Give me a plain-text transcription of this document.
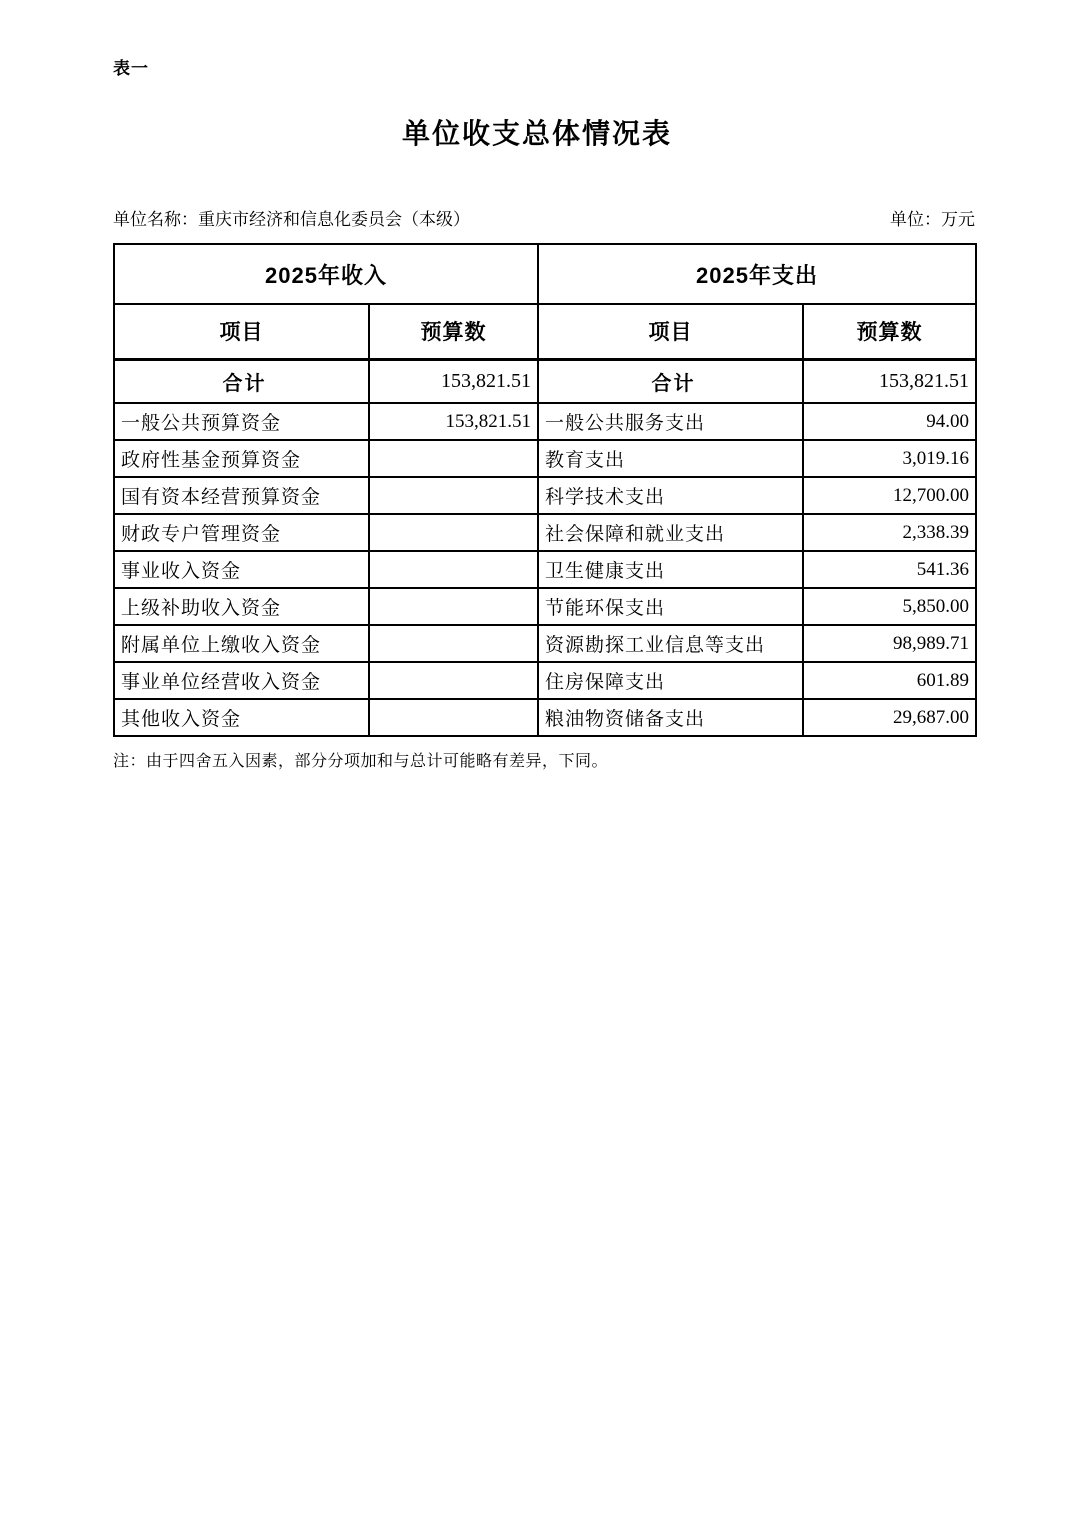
表一
单位收支总体情况表
单位名称：重庆市经济和信息化委员会（本级）	单位：万元
2025年收入		2025年支出	
项目	预算数	项目	预算数
合计	153,821.51	合计	153,821.51
一般公共预算资金	153,821.51	一般公共服务支出	94.00
政府性基金预算资金		教育支出	3,019.16
国有资本经营预算资金		科学技术支出	12,700.00
财政专户管理资金		社会保障和就业支出	2,338.39
事业收入资金		卫生健康支出	541.36
上级补助收入资金		节能环保支出	5,850.00
附属单位上缴收入资金		资源勘探工业信息等支出	98,989.71
事业单位经营收入资金		住房保障支出	601.89
其他收入资金		粮油物资储备支出	29,687.00
注：由于四舍五入因素，部分分项加和与总计可能略有差异，下同。
